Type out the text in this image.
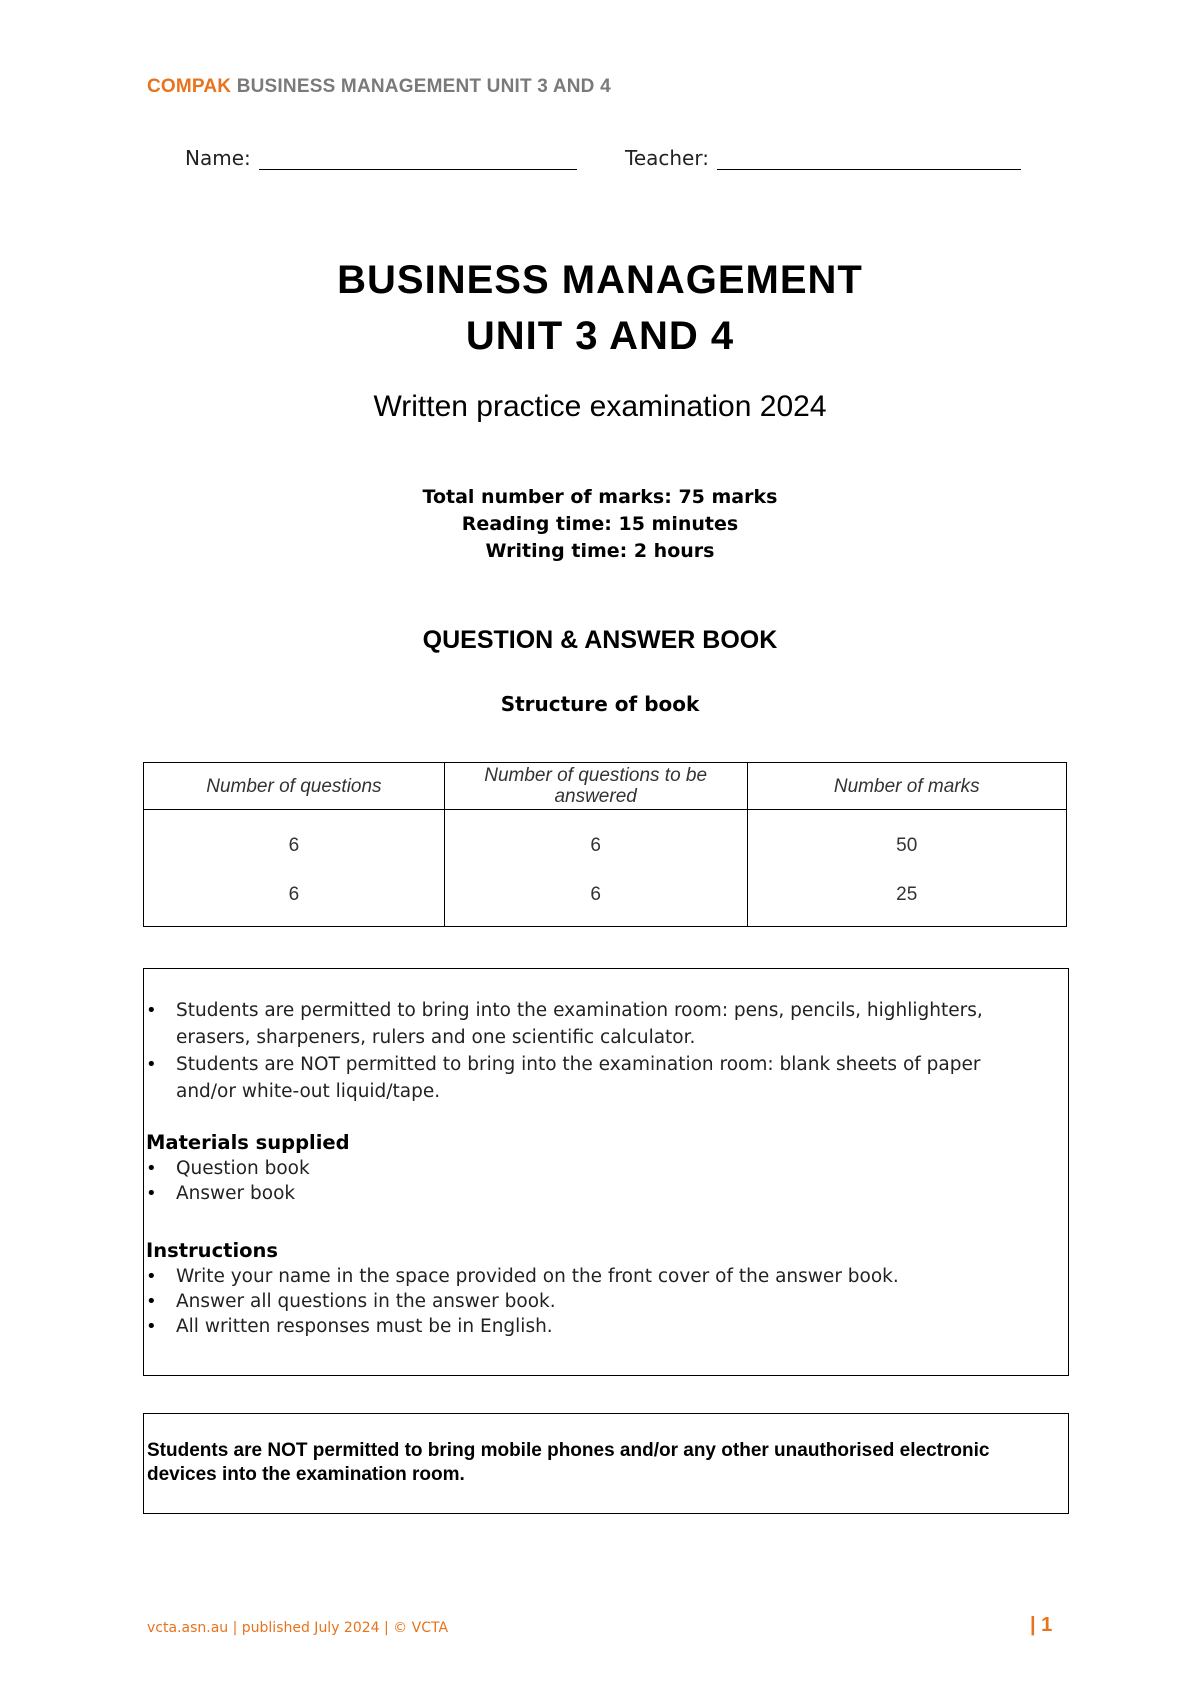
COMPAK BUSINESS MANAGEMENT UNIT 3 AND 4
Name:	Teacher:
BUSINESS MANAGEMENT
UNIT 3 AND 4
Written practice examination 2024
Total number of marks: 75 marks
Reading time: 15 minutes
Writing time: 2 hours
QUESTION & ANSWER BOOK
Structure of book
Number of questions	Number of questions to be answered	Number of marks
6	6	50
6	6	25
• Students are permitted to bring into the examination room: pens, pencils, highlighters, erasers, sharpeners, rulers and one scientific calculator.
• Students are NOT permitted to bring into the examination room: blank sheets of paper and/or white-out liquid/tape.

Materials supplied

• Question book
• Answer book

Instructions

• Write your name in the space provided on the front cover of the answer book.
• Answer all questions in the answer book.
• All written responses must be in English.

Students are NOT permitted to bring mobile phones and/or any other unauthorised electronic devices into the examination room.

vcta.asn.au | published July 2024 | © VCTA	| 1
